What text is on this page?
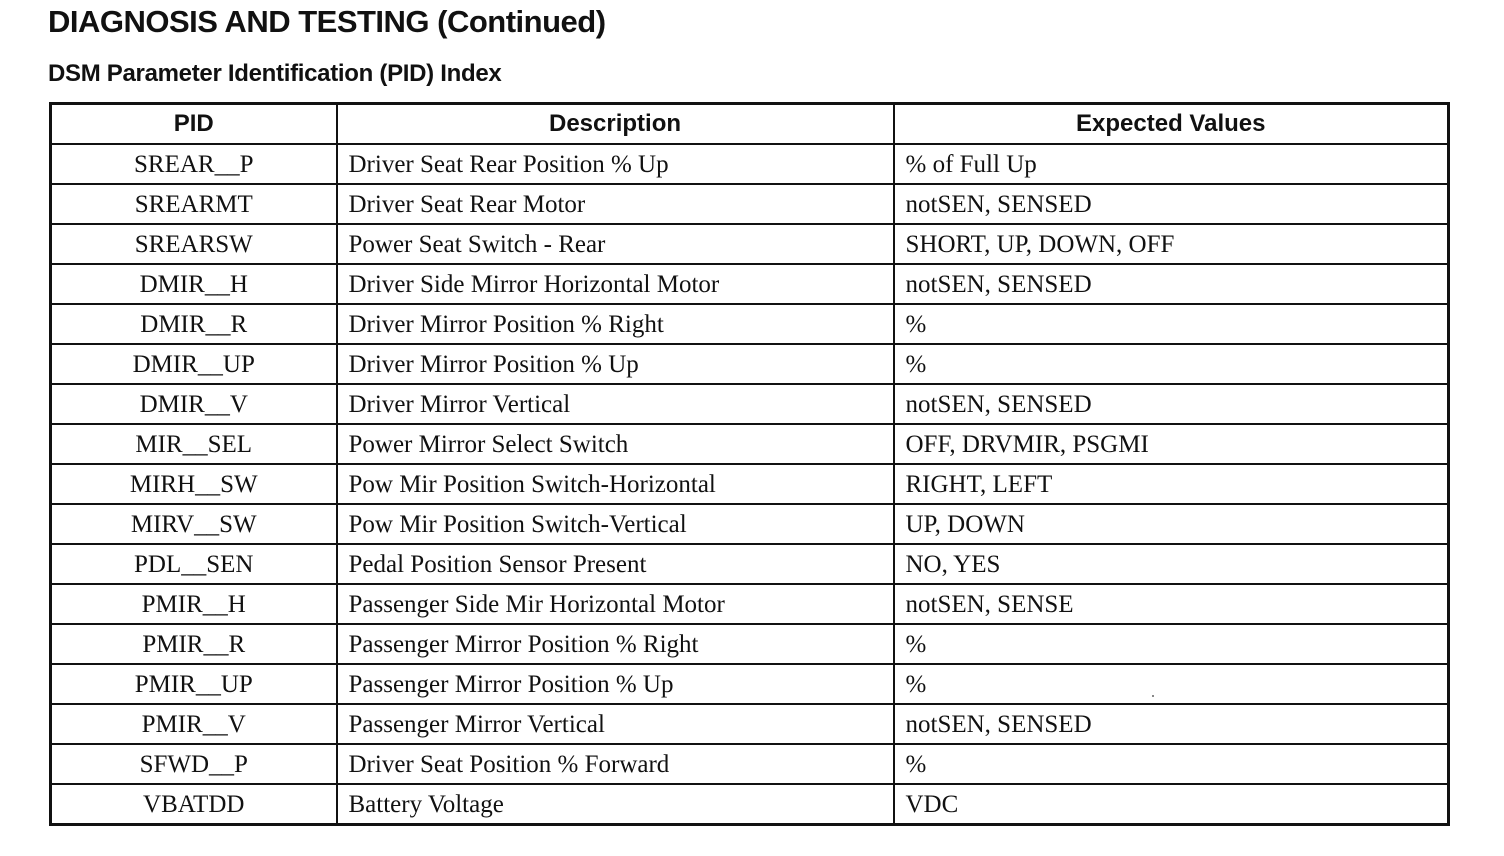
DIAGNOSIS AND TESTING (Continued)
DSM Parameter Identification (PID) Index
PID	Description	Expected Values
SREAR__P	Driver Seat Rear Position % Up	% of Full Up
SREARMT	Driver Seat Rear Motor	notSEN, SENSED
SREARSW	Power Seat Switch - Rear	SHORT, UP, DOWN, OFF
DMIR__H	Driver Side Mirror Horizontal Motor	notSEN, SENSED
DMIR__R	Driver Mirror Position % Right	%
DMIR__UP	Driver Mirror Position % Up	%
DMIR__V	Driver Mirror Vertical	notSEN, SENSED
MIR__SEL	Power Mirror Select Switch	OFF, DRVMIR, PSGMI
MIRH__SW	Pow Mir Position Switch-Horizontal	RIGHT, LEFT
MIRV__SW	Pow Mir Position Switch-Vertical	UP, DOWN
PDL__SEN	Pedal Position Sensor Present	NO, YES
PMIR__H	Passenger Side Mir Horizontal Motor	notSEN, SENSE
PMIR__R	Passenger Mirror Position % Right	%
PMIR__UP	Passenger Mirror Position % Up	%
PMIR__V	Passenger Mirror Vertical	notSEN, SENSED
SFWD__P	Driver Seat Position % Forward	%
VBATDD	Battery Voltage	VDC
